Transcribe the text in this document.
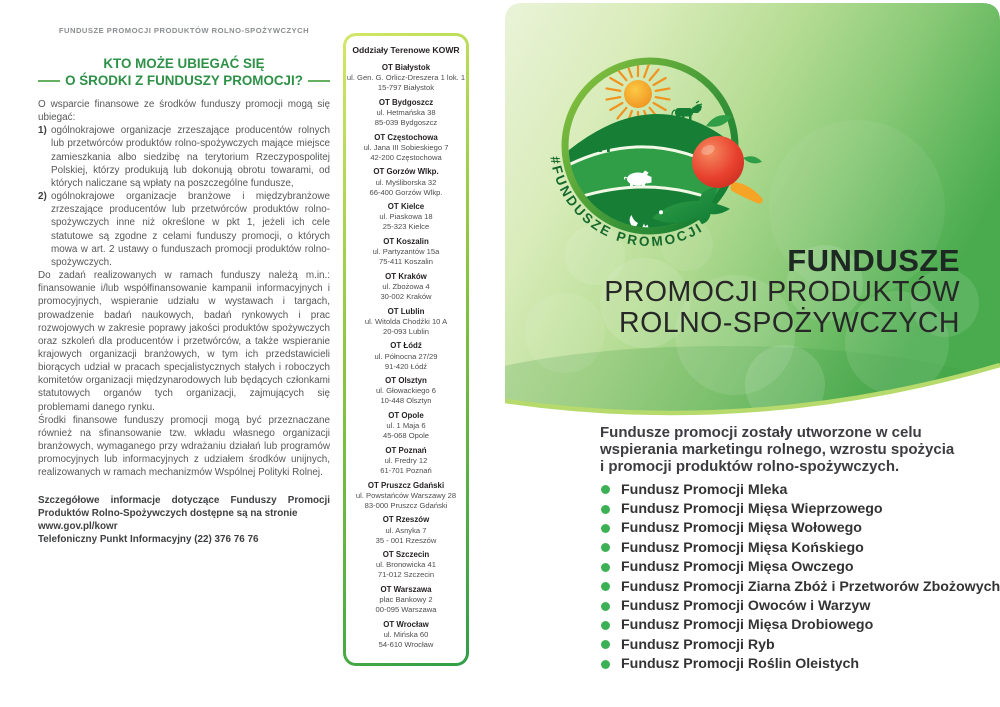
FUNDUSZE PROMOCJI PRODUKTÓW ROLNO-SPOŻYWCZYCH
KTO MOŻE UBIEGAĆ SIĘ
O ŚRODKI Z FUNDUSZY PROMOCJI?

O wsparcie finansowe ze środków funduszy promocji mogą się ubiegać:

1) ogólnokrajowe organizacje zrzeszające producentów rolnych lub przetwórców produktów rolno-spożywczych mające miejsce zamieszkania albo siedzibę na terytorium Rzeczypospolitej Polskiej, którzy produkują lub dokonują obrotu towarami, od których naliczane są wpłaty na poszczególne fundusze,
2) ogólnokrajowe organizacje branżowe i międzybranżowe zrzeszające producentów lub przetwórców produktów rolno-spożywczych inne niż określone w pkt 1, jeżeli ich cele statutowe są zgodne z celami funduszy promocji, o których mowa w art. 2 ustawy o funduszach promocji produktów rolno-spożywczych.

Do zadań realizowanych w ramach funduszy należą m.in.: finansowanie i/lub współfinansowanie kampanii informacyjnych i promocyjnych, wspieranie udziału w wystawach i targach, prowadzenie badań naukowych, badań rynkowych i prac rozwojowych w zakresie poprawy jakości produktów spożywczych oraz szkoleń dla producentów i przetwórców, a także wspieranie krajowych organizacji branżowych, w tym ich przedstawicieli biorących udział w pracach specjalistycznych stałych i roboczych komitetów organizacji międzynarodowych lub będących członkami statutowych organów tych organizacji, zajmujących się problemami danego rynku.

Środki finansowe funduszy promocji mogą być przeznaczane również na sfinansowanie tzw. wkładu własnego organizacji branżowych, wymaganego przy wdrażaniu działań lub programów promocyjnych lub informacyjnych z udziałem środków unijnych, realizowanych w ramach mechanizmów Wspólnej Polityki Rolnej.

Szczegółowe informacje dotyczące Funduszy Promocji Produktów Rolno-Spożywczych dostępne są na stronie
www.gov.pl/kowr
Telefoniczny Punkt Informacyjny (22) 376 76 76
Oddziały Terenowe KOWR
OT Białystok
ul. Gen. G. Orlicz-Dreszera 1 lok. 1
15-797 Białystok
OT Bydgoszcz
ul. Hetmańska 38
85-039 Bydgoszcz
OT Częstochowa
ul. Jana III Sobieskiego 7
42-200 Częstochowa
OT Gorzów Wlkp.
ul. Myśliborska 32
66-400 Gorzów Wlkp.
OT Kielce
ul. Piaskowa 18
25-323 Kielce
OT Koszalin
ul. Partyzantów 15a
75-411 Koszalin
OT Kraków
ul. Zbożowa 4
30-002 Kraków
OT Lublin
ul. Witolda Chodźki 10 A
20-093 Lublin
OT Łódź
ul. Północna 27/29
91-420 Łódź
OT Olsztyn
ul. Głowackiego 6
10-448 Olsztyn
OT Opole
ul. 1 Maja 6
45-068 Opole
OT Poznań
ul. Fredry 12
61-701 Poznań
OT Pruszcz Gdański
ul. Powstańców Warszawy 28
83-000 Pruszcz Gdański
OT Rzeszów
ul. Asnyka 7
35 - 001 Rzeszów
OT Szczecin
ul. Bronowicka 41
71-012 Szczecin
OT Warszawa
plac Bankowy 2
00-095 Warszawa
OT Wrocław
ul. Mińska 60
54-610 Wrocław
#FUNDUSZE PROMOCJI
FUNDUSZE
PROMOCJI PRODUKTÓW
ROLNO-SPOŻYWCZYCH
Fundusze promocji zostały utworzone w celu
wspierania marketingu rolnego, wzrostu spożycia
i promocji produktów rolno-spożywczych.
Fundusz Promocji Mleka
Fundusz Promocji Mięsa Wieprzowego
Fundusz Promocji Mięsa Wołowego
Fundusz Promocji Mięsa Końskiego
Fundusz Promocji Mięsa Owczego
Fundusz Promocji Ziarna Zbóż i Przetworów Zbożowych
Fundusz Promocji Owoców i Warzyw
Fundusz Promocji Mięsa Drobiowego
Fundusz Promocji Ryb
Fundusz Promocji Roślin Oleistych
